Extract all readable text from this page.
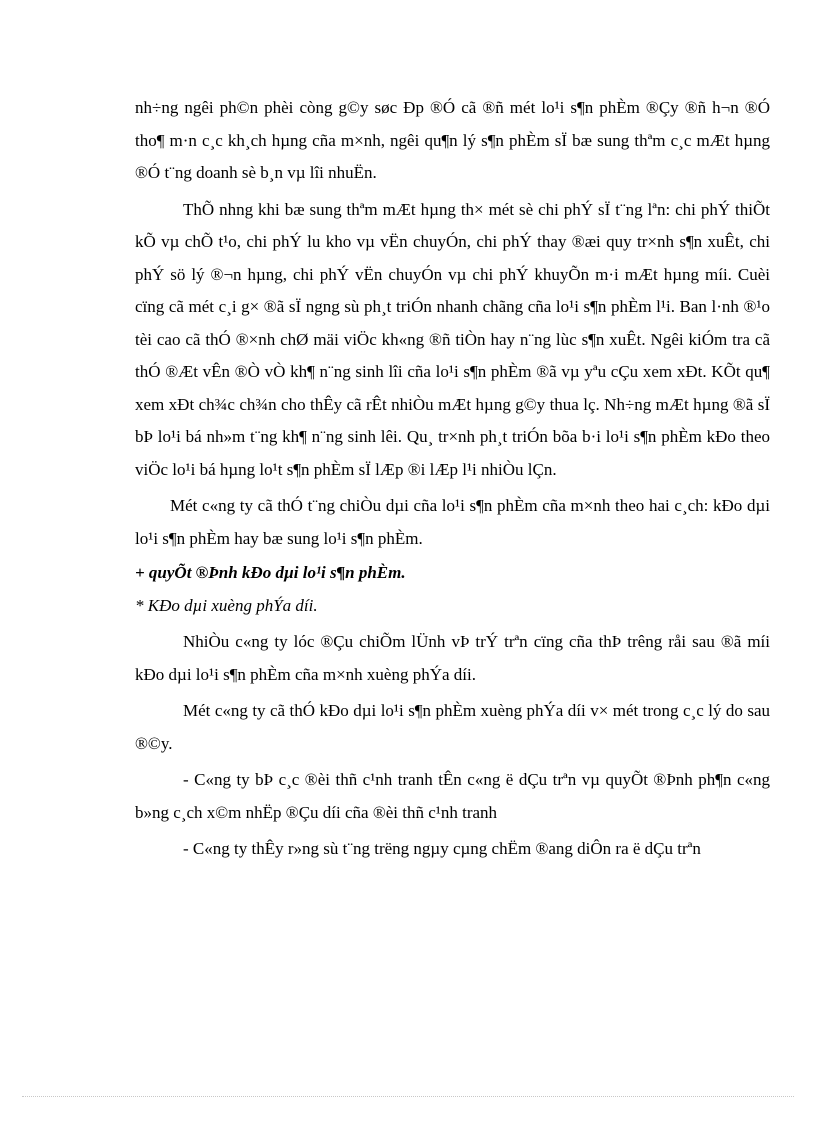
nh÷ng ngêi ph©n phèi còng g©y søc Ðp ®Ó cã ®ñ mét lo¹i s¶n phÈm ®Çy ®ñ h¬n ®Ó tho¶ m·n c¸c kh¸ch hµng cña m×nh, ngêi qu¶n lý s¶n phÈm sÏ bæ sung thªm c¸c mÆt hµng ®Ó t¨ng doanh sè b¸n vµ lîi nhuËn.

ThÕ nhng khi bæ sung thªm mÆt hµng th× mét sè chi phÝ sÏ t¨ng lªn: chi phÝ thiÕt kÕ vµ chÕ t¹o, chi phÝ lu kho vµ vËn chuyÓn, chi phÝ thay ®æi quy tr×nh s¶n xuÊt, chi phÝ sö lý ®¬n hµng, chi phÝ vËn chuyÓn vµ chi phÝ khuyÕn m·i mÆt hµng míi. Cuèi cïng cã mét c¸i g× ®ã sÏ ngng sù ph¸t triÓn nhanh chãng cña lo¹i s¶n phÈm l¹i. Ban l·nh ®¹o tèi cao cã thÓ ®×nh chØ mäi viÖc kh«ng ®ñ tiÒn hay n¨ng lùc s¶n xuÊt. Ngêi kiÓm tra cã thÓ ®Æt vÊn ®Ò vÒ kh¶ n¨ng sinh lîi cña lo¹i s¶n phÈm ®ã vµ yªu cÇu xem xÐt. KÕt qu¶ xem xÐt ch¾c ch¾n cho thÊy cã rÊt nhiÒu mÆt hµng g©y thua lç. Nh÷ng mÆt hµng ®ã sÏ bÞ lo¹i bá nh»m t¨ng kh¶ n¨ng sinh lêi. Qu¸ tr×nh ph¸t triÓn bõa b·i lo¹i s¶n phÈm kÐo theo viÖc lo¹i bá hµng lo¹t s¶n phÈm sÏ lÆp ®i lÆp l¹i nhiÒu lÇn.

Mét c«ng ty cã thÓ t¨ng chiÒu dµi cña lo¹i s¶n phÈm cña m×nh theo hai c¸ch: kÐo dµi lo¹i s¶n phÈm hay bæ sung lo¹i s¶n phÈm.

+ quyÕt ®Þnh kÐo dµi lo¹i s¶n phÈm.

* KÐo dµi xuèng phÝa díi.

NhiÒu c«ng ty lóc ®Çu chiÕm lÜnh vÞ trÝ trªn cïng cña thÞ trêng råi sau ®ã míi kÐo dµi lo¹i s¶n phÈm cña m×nh xuèng phÝa díi.

Mét c«ng ty cã thÓ kÐo dµi lo¹i s¶n phÈm xuèng phÝa díi v× mét trong c¸c lý do sau ®©y.

- C«ng ty bÞ c¸c ®èi thñ c¹nh tranh tÊn c«ng ë dÇu trªn vµ quyÕt ®Þnh ph¶n c«ng b»ng c¸ch x©m nhËp ®Çu díi cña ®èi thñ c¹nh tranh

- C«ng ty thÊy r»ng sù t¨ng trëng ngµy cµng chËm ®ang diÔn ra ë dÇu trªn
